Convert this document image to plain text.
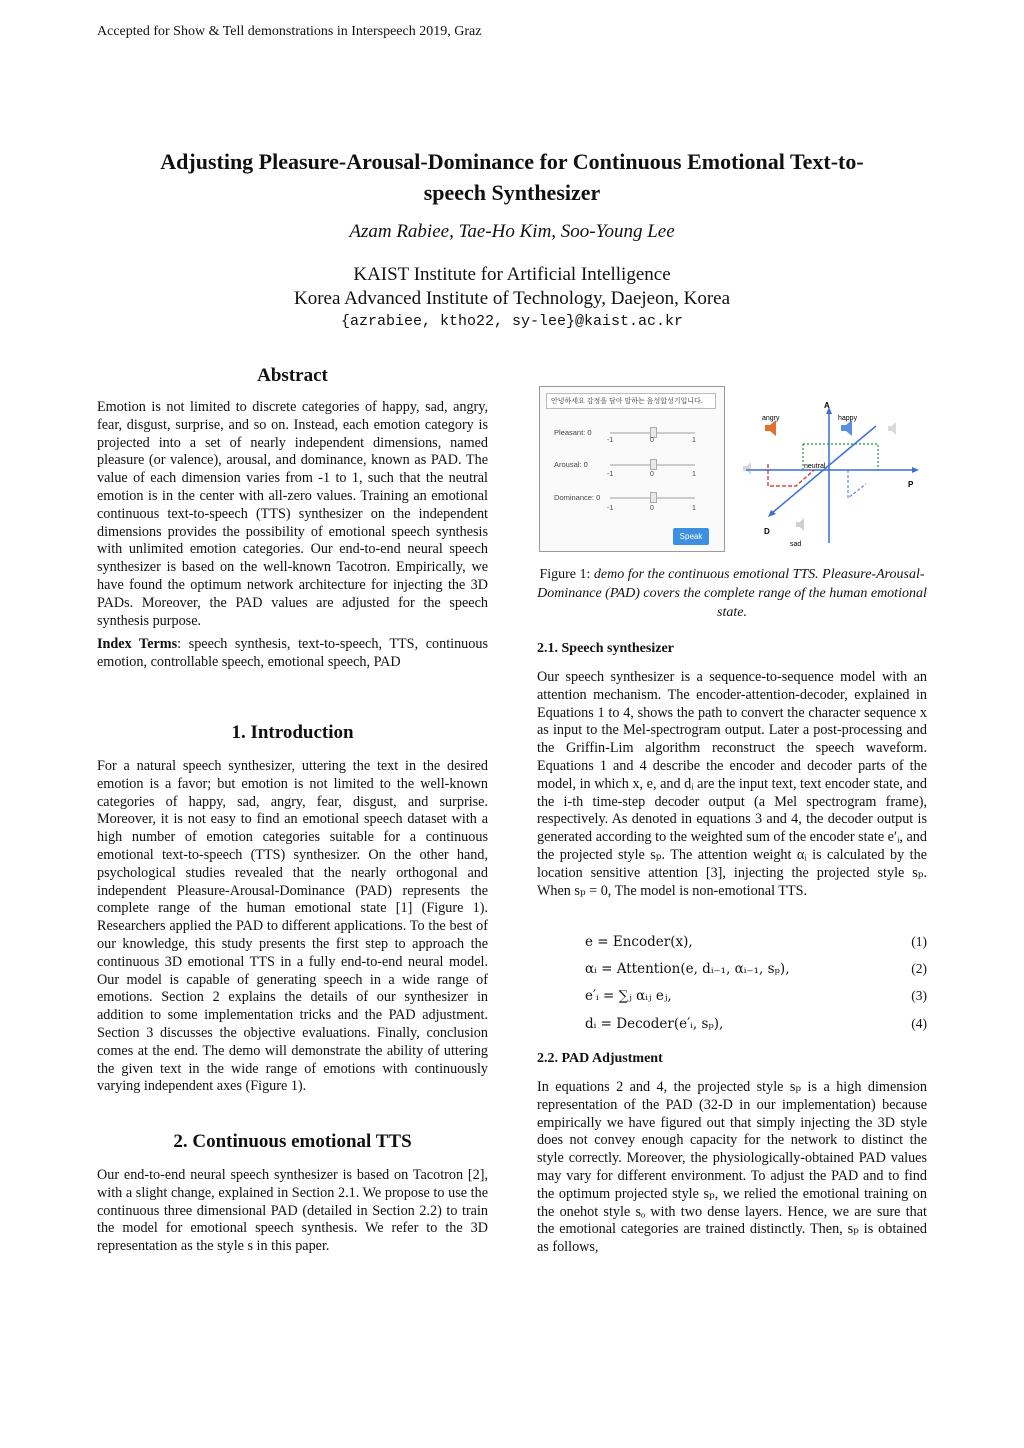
Accepted for Show & Tell demonstrations in Interspeech 2019, Graz
Adjusting Pleasure-Arousal-Dominance for Continuous Emotional Text-to-
speech Synthesizer
Azam Rabiee, Tae-Ho Kim, Soo-Young Lee
KAIST Institute for Artificial Intelligence
Korea Advanced Institute of Technology, Daejeon, Korea
{azrabiee, ktho22, sy-lee}@kaist.ac.kr
Abstract

Emotion is not limited to discrete categories of happy, sad, angry, fear, disgust, surprise, and so on. Instead, each emotion category is projected into a set of nearly independent dimensions, named pleasure (or valence), arousal, and dominance, known as PAD. The value of each dimension varies from -1 to 1, such that the neutral emotion is in the center with all-zero values. Training an emotional continuous text-to-speech (TTS) synthesizer on the independent dimensions provides the possibility of emotional speech synthesis with unlimited emotion categories. Our end-to-end neural speech synthesizer is based on the well-known Tacotron. Empirically, we have found the optimum network architecture for injecting the 3D PADs. Moreover, the PAD values are adjusted for the speech synthesis purpose.

Index Terms: speech synthesis, text-to-speech, TTS, continuous emotion, controllable speech, emotional speech, PAD

1. Introduction

For a natural speech synthesizer, uttering the text in the desired emotion is a favor; but emotion is not limited to the well-known categories of happy, sad, angry, fear, disgust, and surprise. Moreover, it is not easy to find an emotional speech dataset with a high number of emotion categories suitable for a continuous emotional text-to-speech (TTS) synthesizer. On the other hand, psychological studies revealed that the nearly orthogonal and independent Pleasure-Arousal-Dominance (PAD) represents the complete range of the human emotional state [1] (Figure 1). Researchers applied the PAD to different applications. To the best of our knowledge, this study presents the first step to approach the continuous 3D emotional TTS in a fully end-to-end neural model. Our model is capable of generating speech in a wide range of emotions. Section 2 explains the details of our synthesizer in addition to some implementation tricks and the PAD adjustment. Section 3 discusses the objective evaluations. Finally, conclusion comes at the end. The demo will demonstrate the ability of uttering the given text in the wide range of emotions with continuously varying independent axes (Figure 1).

2. Continuous emotional TTS

Our end-to-end neural speech synthesizer is based on Tacotron [2], with a slight change, explained in Section 2.1. We propose to use the continuous three dimensional PAD (detailed in Section 2.2) to train the model for emotional speech synthesis. We refer to the 3D representation as the style s in this paper.

안녕하세요 감정을 담아 말하는 음성합성기입니다.
Pleasant: 0
-1	0	1
Arousal: 0
-1	0	1
Dominance: 0
-1	0	1
Speak
A
P
D
angry	happy
neutral
sad
Figure 1: demo for the continuous emotional TTS. Pleasure-Arousal-Dominance (PAD) covers the complete range of the human emotional state.
2.1. Speech synthesizer

Our speech synthesizer is a sequence-to-sequence model with an attention mechanism. The encoder-attention-decoder, explained in Equations 1 to 4, shows the path to convert the character sequence x as input to the Mel-spectrogram output. Later a post-processing and the Griffin-Lim algorithm reconstruct the speech waveform. Equations 1 and 4 describe the encoder and decoder parts of the model, in which x, e, and dᵢ are the input text, text encoder state, and the i-th time-step decoder output (a Mel spectrogram frame), respectively. As denoted in equations 3 and 4, the decoder output is generated according to the weighted sum of the encoder state e′ᵢ, and the projected style sₚ. The attention weight αᵢ is calculated by the location sensitive attention [3], injecting the projected style sₚ. When sₚ = 0, The model is non-emotional TTS.

e = Encoder(x),	(1)
αᵢ = Attention(e, dᵢ₋₁, αᵢ₋₁, sₚ),	(2)
e′ᵢ = ∑ⱼ αᵢⱼ eⱼ,	(3)
dᵢ = Decoder(e′ᵢ, sₚ),	(4)
2.2. PAD Adjustment

In equations 2 and 4, the projected style sₚ is a high dimension representation of the PAD (32-D in our implementation) because empirically we have figured out that simply injecting the 3D style does not convey enough capacity for the network to distinct the style correctly. Moreover, the physiologically-obtained PAD values may vary for different environment. To adjust the PAD and to find the optimum projected style sₚ, we relied the emotional training on the onehot style sₒ with two dense layers. Hence, we are sure that the emotional categories are trained distinctly. Then, sₚ is obtained as follows,
